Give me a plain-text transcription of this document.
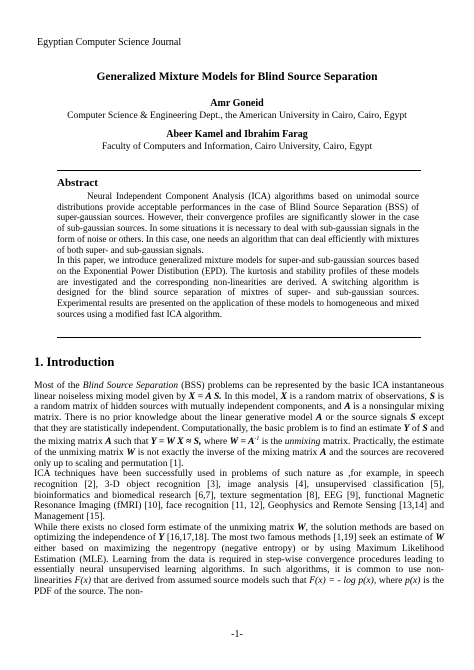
Egyptian Computer Science Journal
Generalized Mixture Models for Blind Source Separation
Amr Goneid
Computer Science & Engineering Dept., the American University in Cairo, Cairo, Egypt
Abeer Kamel and Ibrahim Farag
Faculty of Computers and Information, Cairo University, Cairo, Egypt
Abstract

Neural Independent Component Analysis (ICA) algorithms based on unimodal source distributions provide acceptable performances in the case of Blind Source Separation (BSS) of super-gaussian sources. However, their convergence profiles are significantly slower in the case of sub-gaussian sources. In some situations it is necessary to deal with sub-gaussian signals in the form of noise or others. In this case, one needs an algorithm that can deal efficiently with mixtures of both super- and sub-gaussian signals.

In this paper, we introduce generalized mixture models for super-and sub-gaussian sources based on the Exponential Power Distibution (EPD). The kurtosis and stability profiles of these models are investigated and the corresponding non-linearities are derived. A switching algorithm is designed for the blind source separation of mixtres of super- and sub-gaussian sources. Experimental results are presented on the application of these models to homogeneous and mixed sources using a modified fast ICA algorithm.

1. Introduction

Most of the Blind Source Separation (BSS) problems can be represented by the basic ICA instantaneous linear noiseless mixing model given by X = A S. In this model, X is a random matrix of observations, S is a random matrix of hidden sources with mutually independent components, and A is a nonsingular mixing matrix. There is no prior knowledge about the linear generative model A or the source signals S except that they are statistically independent. Computationally, the basic problem is to find an estimate Y of S and the mixing matrix A such that Y = W X ≈ S, where $W = A^{-1}$ is the unmixing matrix. Practically, the estimate of the unmixing matrix W is not exactly the inverse of the mixing matrix A and the sources are recovered only up to scaling and permutation [1].

ICA techniques have been successfully used in problems of such nature as ,for example, in speech recognition [2], 3-D object recognition [3], image analysis [4], unsupervised classification [5], bioinformatics and biomedical research [6,7], texture segmentation [8], EEG [9], functional Magnetic Resonance Imaging (fMRI) [10], face recognition [11, 12], Geophysics and Remote Sensing [13,14] and Management [15].

While there exists no closed form estimate of the unmixing matrix W, the solution methods are based on optimizing the independence of Y [16,17,18]. The most two famous methods [1,19] seek an estimate of W either based on maximizing the negentropy (negative entropy) or by using Maximum Likelihood Estimation (MLE). Learning from the data is required in step-wise convergence procedures leading to essentially neural unsupervised learning algorithms. In such algorithms, it is common to use non-linearities F(x) that are derived from assumed source models such that F(x) = - log p(x), where p(x) is the PDF of the source. The non-

-1-
